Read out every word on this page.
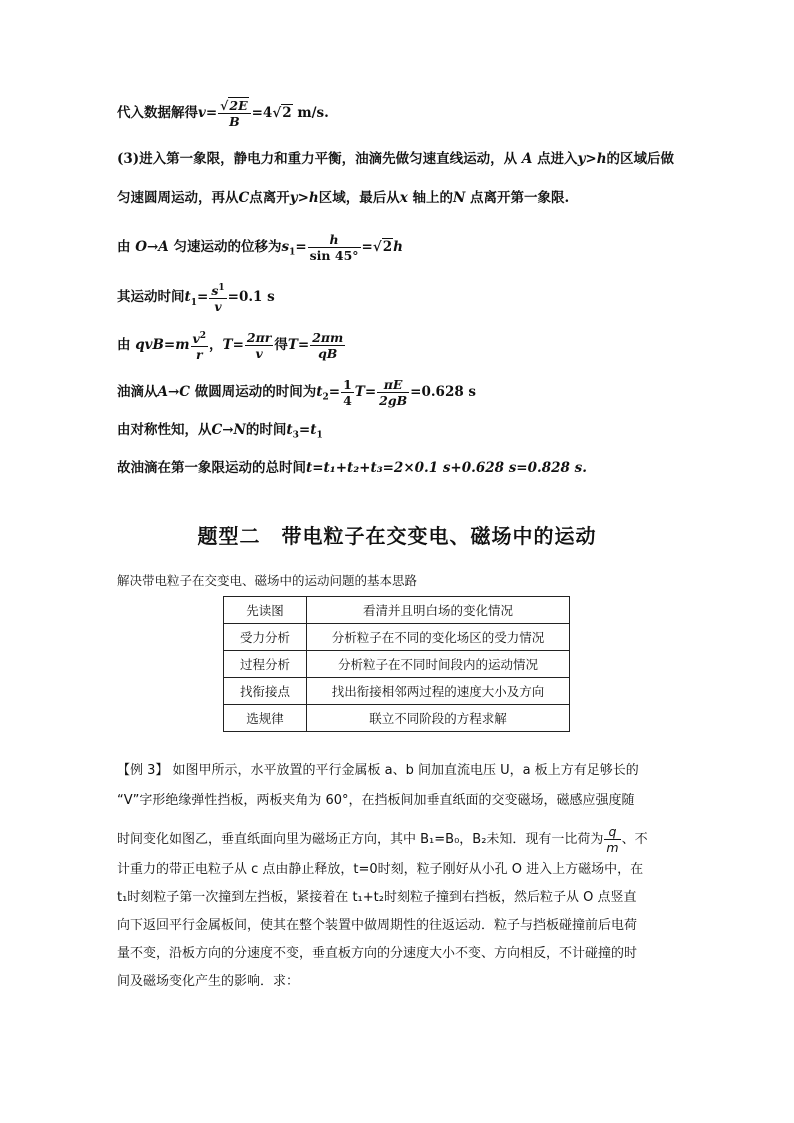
代入数据解得$v= \frac{√2E}{B} =4√2$ m/s.
(3)进入第一象限，静电力和重力平衡，油滴先做匀速直线运动，从 A 点进入y>h的区域后做
匀速圆周运动，再从C点离开y>h区域，最后从x 轴上的N 点离开第一象限.
由 O→A 匀速运动的位移为$s_1= \frac{h}{\sin 45^\circ} =√2h$
其运动时间$t_1= \frac{s^1}{v} =0.1$ s
由 $qvB=m \frac{v^2}{r}$ ，$T= \frac{2\pi r}{v}$ 得$T= \frac{2\pi m}{qB}$
油滴从A→C 做圆周运动的时间为$t_2= \frac{1}{4} T= \frac{\pi E}{2gB} =0.628$ s
由对称性知，从C→N的时间$t_3=t_1$
故油滴在第一象限运动的总时间t=t₁+t₂+t₃=2×0.1 s+0.628 s=0.828 s.
题型二　带电粒子在交变电、磁场中的运动
解决带电粒子在交变电、磁场中的运动问题的基本思路
先读图	看清并且明白场的变化情况
受力分析	分析粒子在不同的变化场区的受力情况
过程分析	分析粒子在不同时间段内的运动情况
找衔接点	找出衔接相邻两过程的速度大小及方向
选规律	联立不同阶段的方程求解
【例 3】 如图甲所示，水平放置的平行金属板 a、b 间加直流电压 U，a 板上方有足够长的
“V”字形绝缘弹性挡板，两板夹角为 60°，在挡板间加垂直纸面的交变磁场，磁感应强度随
时间变化如图乙，垂直纸面向里为磁场正方向，其中 B₁=B₀，B₂未知．现有一比荷为 $\frac{q}{m}$ 、不
计重力的带正电粒子从 c 点由静止释放，t=0时刻，粒子刚好从小孔 O 进入上方磁场中，在
t₁时刻粒子第一次撞到左挡板，紧接着在 t₁+t₂时刻粒子撞到右挡板，然后粒子从 O 点竖直
向下返回平行金属板间，使其在整个装置中做周期性的往返运动．粒子与挡板碰撞前后电荷
量不变，沿板方向的分速度不变，垂直板方向的分速度大小不变、方向相反，不计碰撞的时
间及磁场变化产生的影响．求：
